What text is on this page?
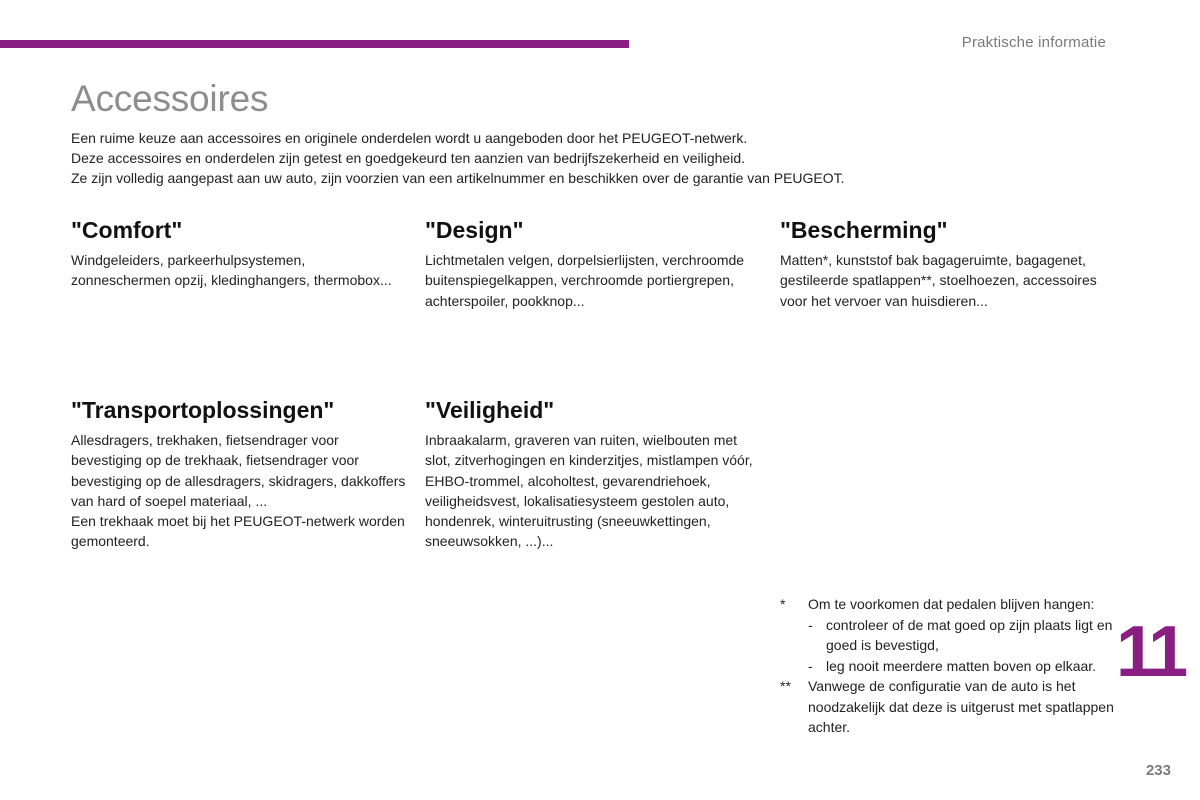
Praktische informatie
Accessoires

Een ruime keuze aan accessoires en originele onderdelen wordt u aangeboden door het PEUGEOT-netwerk.

Deze accessoires en onderdelen zijn getest en goedgekeurd ten aanzien van bedrijfszekerheid en veiligheid.

Ze zijn volledig aangepast aan uw auto, zijn voorzien van een artikelnummer en beschikken over de garantie van PEUGEOT.

"Comfort"

Windgeleiders, parkeerhulpsystemen, zonneschermen opzij, kledinghangers, thermobox...

"Design"

Lichtmetalen velgen, dorpelsierlijsten, verchroomde buitenspiegelkappen, verchroomde portiergrepen, achterspoiler, pookknop...

"Bescherming"

Matten*, kunststof bak bagageruimte, bagagenet, gestileerde spatlappen**, stoelhoezen, accessoires voor het vervoer van huisdieren...

"Transportoplossingen"

Allesdragers, trekhaken, fietsendrager voor bevestiging op de trekhaak, fietsendrager voor bevestiging op de allesdragers, skidragers, dakkoffers van hard of soepel materiaal, ...

Een trekhaak moet bij het PEUGEOT-netwerk worden gemonteerd.

"Veiligheid"

Inbraakalarm, graveren van ruiten, wielbouten met slot, zitverhogingen en kinderzitjes, mistlampen vóór, EHBO-trommel, alcoholtest, gevarendriehoek, veiligheidsvest, lokalisatiesysteem gestolen auto, hondenrek, winteruitrusting (sneeuwkettingen, sneeuwsokken, ...)...

*	Om te voorkomen dat pedalen blijven hangen:
- controleer of de mat goed op zijn plaats ligt en goed is bevestigd,
- leg nooit meerdere matten boven op elkaar.
**	Vanwege de configuratie van de auto is het noodzakelijk dat deze is uitgerust met spatlappen achter.
11
233
